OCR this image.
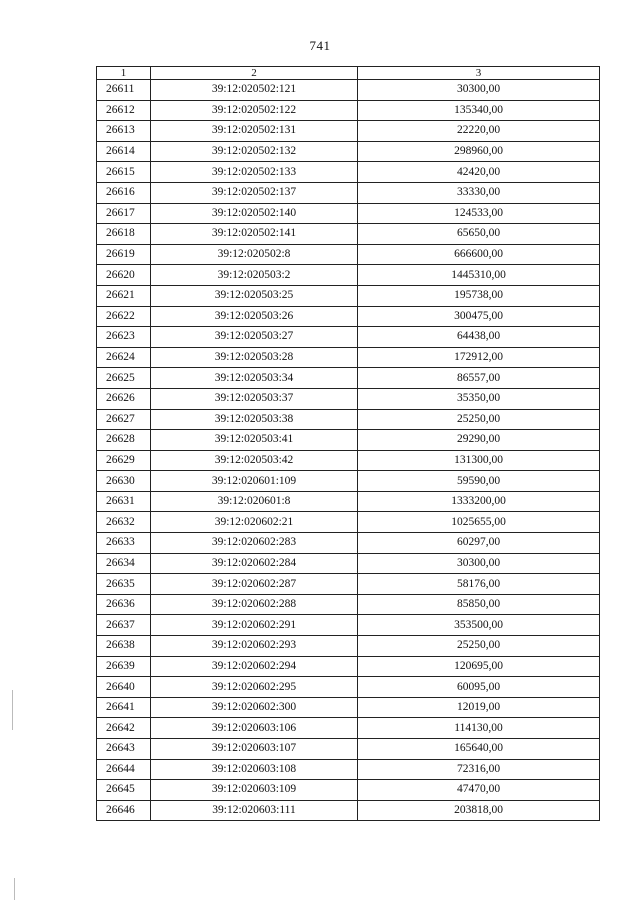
741
1	2	3
26611	39:12:020502:121	30300,00
26612	39:12:020502:122	135340,00
26613	39:12:020502:131	22220,00
26614	39:12:020502:132	298960,00
26615	39:12:020502:133	42420,00
26616	39:12:020502:137	33330,00
26617	39:12:020502:140	124533,00
26618	39:12:020502:141	65650,00
26619	39:12:020502:8	666600,00
26620	39:12:020503:2	1445310,00
26621	39:12:020503:25	195738,00
26622	39:12:020503:26	300475,00
26623	39:12:020503:27	64438,00
26624	39:12:020503:28	172912,00
26625	39:12:020503:34	86557,00
26626	39:12:020503:37	35350,00
26627	39:12:020503:38	25250,00
26628	39:12:020503:41	29290,00
26629	39:12:020503:42	131300,00
26630	39:12:020601:109	59590,00
26631	39:12:020601:8	1333200,00
26632	39:12:020602:21	1025655,00
26633	39:12:020602:283	60297,00
26634	39:12:020602:284	30300,00
26635	39:12:020602:287	58176,00
26636	39:12:020602:288	85850,00
26637	39:12:020602:291	353500,00
26638	39:12:020602:293	25250,00
26639	39:12:020602:294	120695,00
26640	39:12:020602:295	60095,00
26641	39:12:020602:300	12019,00
26642	39:12:020603:106	114130,00
26643	39:12:020603:107	165640,00
26644	39:12:020603:108	72316,00
26645	39:12:020603:109	47470,00
26646	39:12:020603:111	203818,00
